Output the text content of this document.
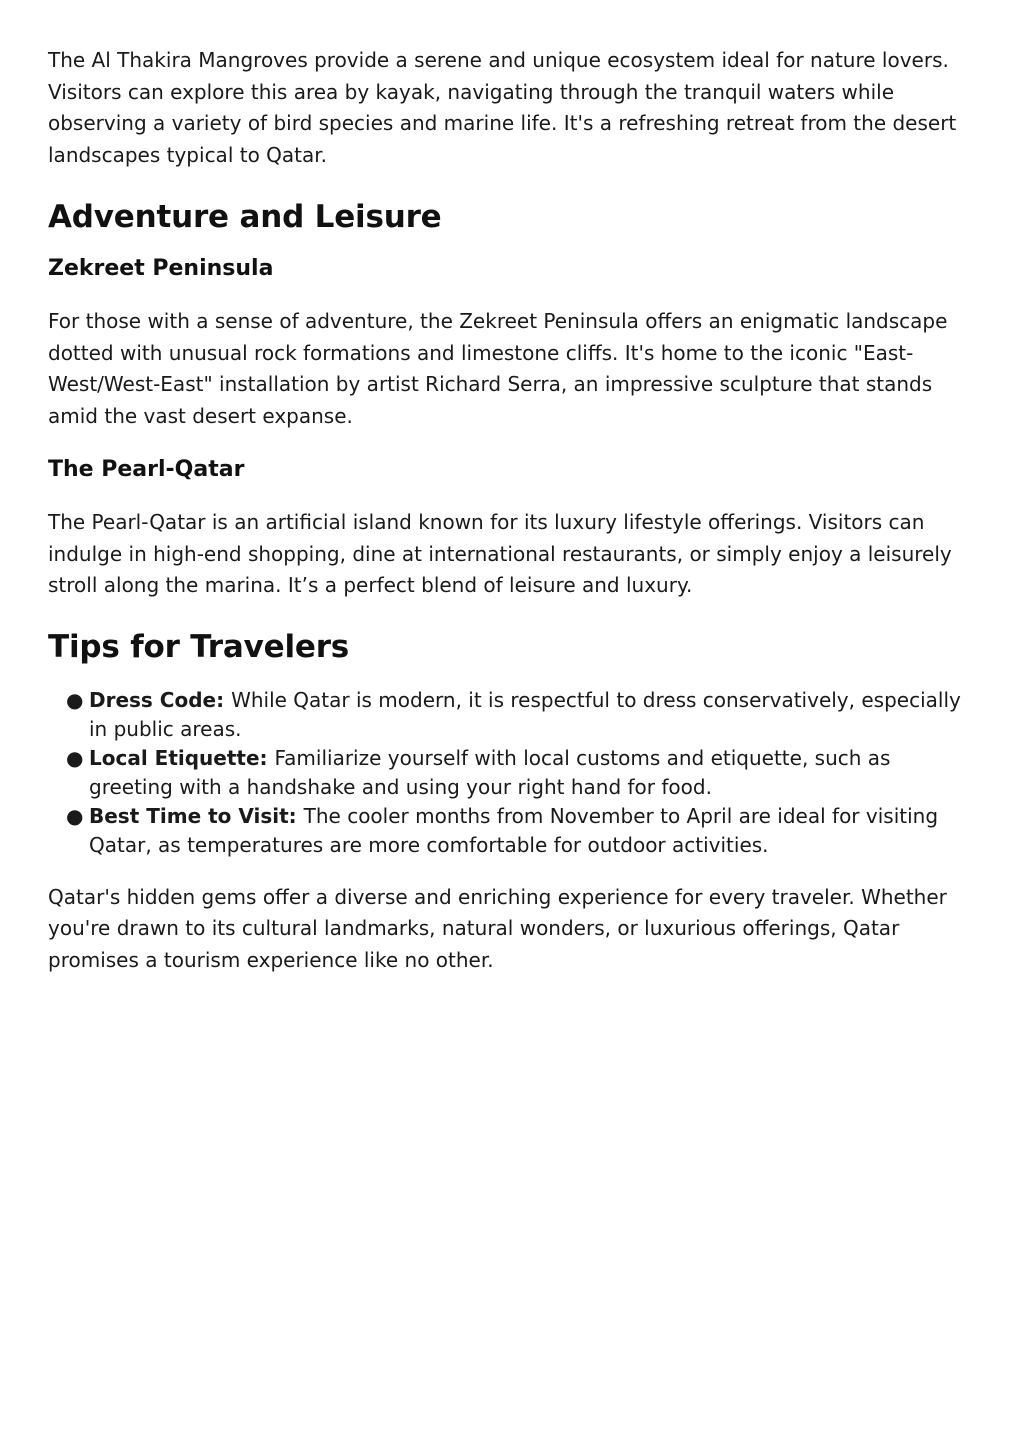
The Al Thakira Mangroves provide a serene and unique ecosystem ideal for nature lovers. Visitors can explore this area by kayak, navigating through the tranquil waters while observing a variety of bird species and marine life. It's a refreshing retreat from the desert landscapes typical to Qatar.

Adventure and Leisure
Zekreet Peninsula

For those with a sense of adventure, the Zekreet Peninsula offers an enigmatic landscape dotted with unusual rock formations and limestone cliffs. It's home to the iconic "East-West/West-East" installation by artist Richard Serra, an impressive sculpture that stands amid the vast desert expanse.

The Pearl-Qatar

The Pearl-Qatar is an artificial island known for its luxury lifestyle offerings. Visitors can indulge in high-end shopping, dine at international restaurants, or simply enjoy a leisurely stroll along the marina. It’s a perfect blend of leisure and luxury.

Tips for Travelers
● Dress Code: While Qatar is modern, it is respectful to dress conservatively, especially in public areas.
● Local Etiquette: Familiarize yourself with local customs and etiquette, such as greeting with a handshake and using your right hand for food.
● Best Time to Visit: The cooler months from November to April are ideal for visiting Qatar, as temperatures are more comfortable for outdoor activities.

Qatar's hidden gems offer a diverse and enriching experience for every traveler. Whether you're drawn to its cultural landmarks, natural wonders, or luxurious offerings, Qatar promises a tourism experience like no other.
